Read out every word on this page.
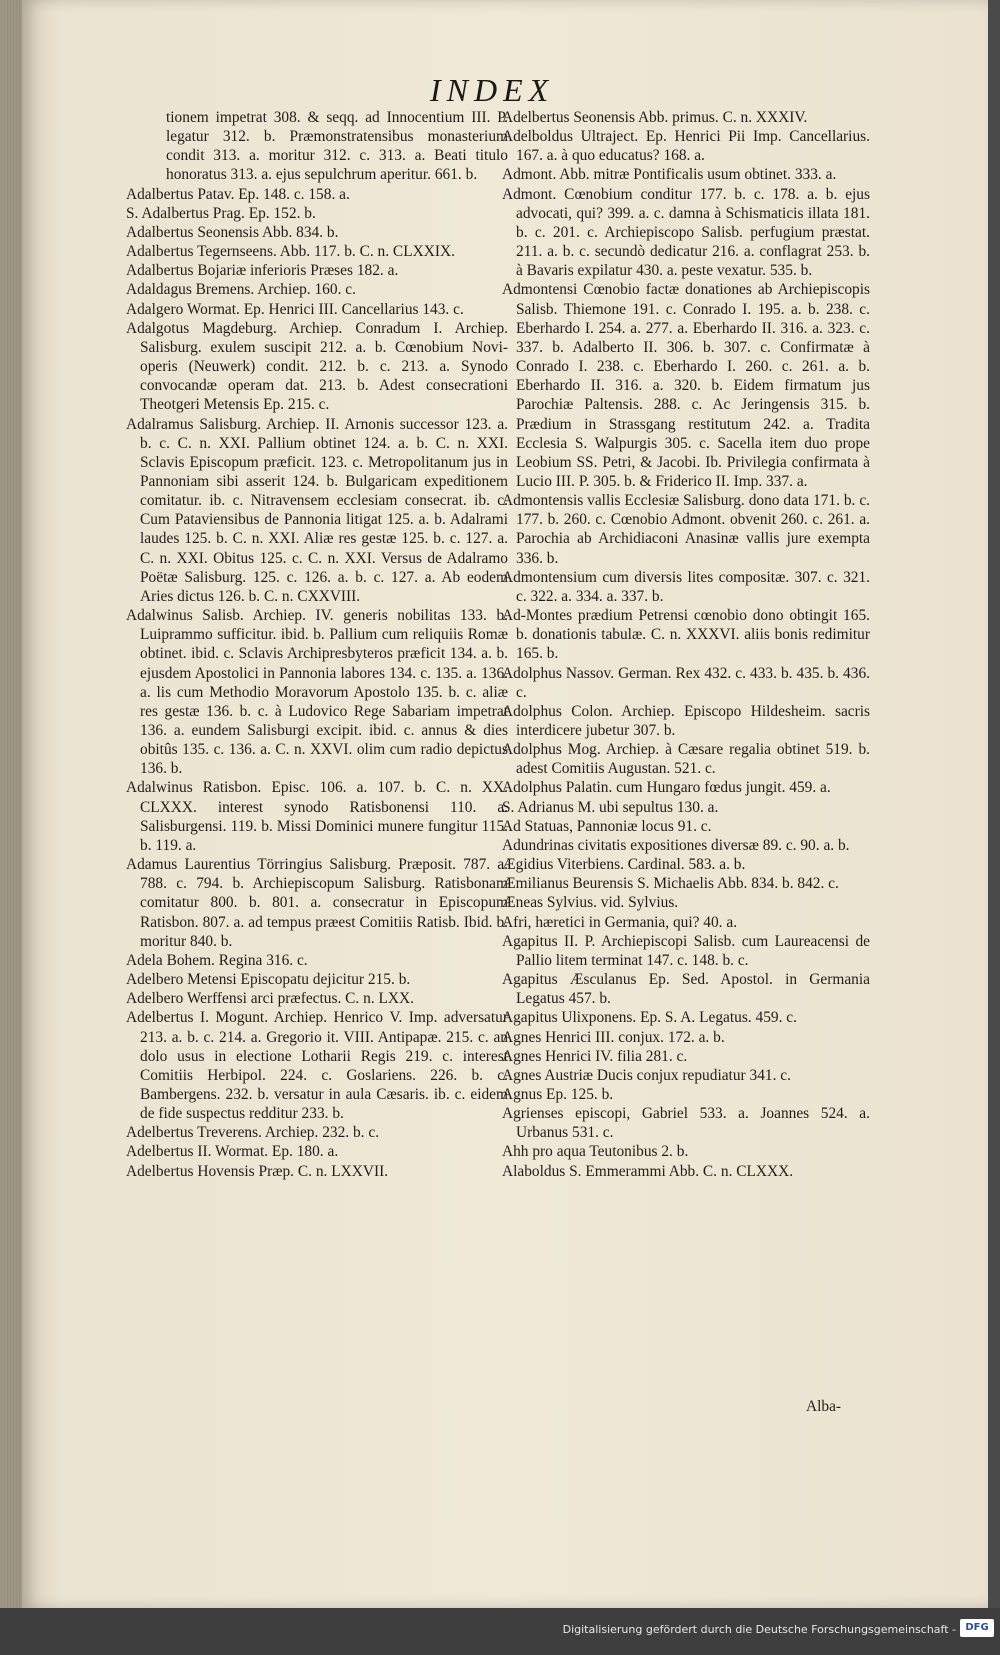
INDEX

tionem impetrat 308. & seqq. ad Innocentium III. P. legatur 312. b. Præmonstratensibus monasterium condit 313. a. moritur 312. c. 313. a. Beati titulo honoratus 313. a. ejus sepulchrum aperitur. 661. b.

Adalbertus Patav. Ep. 148. c. 158. a.

S. Adalbertus Prag. Ep. 152. b.

Adalbertus Seonensis Abb. 834. b.

Adalbertus Tegernseens. Abb. 117. b. C. n. CLXXIX.

Adalbertus Bojariæ inferioris Præses 182. a.

Adaldagus Bremens. Archiep. 160. c.

Adalgero Wormat. Ep. Henrici III. Cancellarius 143. c.

Adalgotus Magdeburg. Archiep. Conradum I. Archiep. Salisburg. exulem suscipit 212. a. b. Cœnobium Novi-operis (Neuwerk) condit. 212. b. c. 213. a. Synodo convocandæ operam dat. 213. b. Adest consecrationi Theotgeri Metensis Ep. 215. c.

Adalramus Salisburg. Archiep. II. Arnonis successor 123. a. b. c. C. n. XXI. Pallium obtinet 124. a. b. C. n. XXI. Sclavis Episcopum præficit. 123. c. Metropolitanum jus in Pannoniam sibi asserit 124. b. Bulgaricam expeditionem comitatur. ib. c. Nitravensem ecclesiam consecrat. ib. c. Cum Pataviensibus de Pannonia litigat 125. a. b. Adalrami laudes 125. b. C. n. XXI. Aliæ res gestæ 125. b. c. 127. a. C. n. XXI. Obitus 125. c. C. n. XXI. Versus de Adalramo Poëtæ Salisburg. 125. c. 126. a. b. c. 127. a. Ab eodem Aries dictus 126. b. C. n. CXXVIII.

Adalwinus Salisb. Archiep. IV. generis nobilitas 133. b. Luiprammo sufficitur. ibid. b. Pallium cum reliquiis Romæ obtinet. ibid. c. Sclavis Archipresbyteros præficit 134. a. b. ejusdem Apostolici in Pannonia labores 134. c. 135. a. 136. a. lis cum Methodio Moravorum Apostolo 135. b. c. aliæ res gestæ 136. b. c. à Ludovico Rege Sabariam impetrat 136. a. eundem Salisburgi excipit. ibid. c. annus & dies obitûs 135. c. 136. a. C. n. XXVI. olim cum radio depictus 136. b.

Adalwinus Ratisbon. Episc. 106. a. 107. b. C. n. XX. CLXXX. interest synodo Ratisbonensi 110. a. Salisburgensi. 119. b. Missi Dominici munere fungitur 115. b. 119. a.

Adamus Laurentius Törringius Salisburg. Præposit. 787. a. 788. c. 794. b. Archiepiscopum Salisburg. Ratisbonam comitatur 800. b. 801. a. consecratur in Episcopum Ratisbon. 807. a. ad tempus præest Comitiis Ratisb. Ibid. b. moritur 840. b.

Adela Bohem. Regina 316. c.

Adelbero Metensi Episcopatu dejicitur 215. b.

Adelbero Werffensi arci præfectus. C. n. LXX.

Adelbertus I. Mogunt. Archiep. Henrico V. Imp. adversatur 213. a. b. c. 214. a. Gregorio it. VIII. Antipapæ. 215. c. an dolo usus in electione Lotharii Regis 219. c. interest Comitiis Herbipol. 224. c. Goslariens. 226. b. c. Bambergens. 232. b. versatur in aula Cæsaris. ib. c. eidem de fide suspectus redditur 233. b.

Adelbertus Treverens. Archiep. 232. b. c.

Adelbertus II. Wormat. Ep. 180. a.

Adelbertus Hovensis Præp. C. n. LXXVII.

Adelbertus Seonensis Abb. primus. C. n. XXXIV.

Adelboldus Ultraject. Ep. Henrici Pii Imp. Cancellarius. 167. a. à quo educatus? 168. a.

Admont. Abb. mitræ Pontificalis usum obtinet. 333. a.

Admont. Cœnobium conditur 177. b. c. 178. a. b. ejus advocati, qui? 399. a. c. damna à Schismaticis illata 181. b. c. 201. c. Archiepiscopo Salisb. perfugium præstat. 211. a. b. c. secundò dedicatur 216. a. conflagrat 253. b. à Bavaris expilatur 430. a. peste vexatur. 535. b.

Admontensi Cœnobio factæ donationes ab Archiepiscopis Salisb. Thiemone 191. c. Conrado I. 195. a. b. 238. c. Eberhardo I. 254. a. 277. a. Eberhardo II. 316. a. 323. c. 337. b. Adalberto II. 306. b. 307. c. Confirmatæ à Conrado I. 238. c. Eberhardo I. 260. c. 261. a. b. Eberhardo II. 316. a. 320. b. Eidem firmatum jus Parochiæ Paltensis. 288. c. Ac Jeringensis 315. b. Prædium in Strassgang restitutum 242. a. Tradita Ecclesia S. Walpurgis 305. c. Sacella item duo prope Leobium SS. Petri, & Jacobi. Ib. Privilegia confirmata à Lucio III. P. 305. b. & Friderico II. Imp. 337. a.

Admontensis vallis Ecclesiæ Salisburg. dono data 171. b. c. 177. b. 260. c. Cœnobio Admont. obvenit 260. c. 261. a. Parochia ab Archidiaconi Anasinæ vallis jure exempta 336. b.

Admontensium cum diversis lites compositæ. 307. c. 321. c. 322. a. 334. a. 337. b.

Ad-Montes prædium Petrensi cœnobio dono obtingit 165. b. donationis tabulæ. C. n. XXXVI. aliis bonis redimitur 165. b.

Adolphus Nassov. German. Rex 432. c. 433. b. 435. b. 436. c.

Adolphus Colon. Archiep. Episcopo Hildesheim. sacris interdicere jubetur 307. b.

Adolphus Mog. Archiep. à Cæsare regalia obtinet 519. b. adest Comitiis Augustan. 521. c.

Adolphus Palatin. cum Hungaro fœdus jungit. 459. a.

S. Adrianus M. ubi sepultus 130. a.

Ad Statuas, Pannoniæ locus 91. c.

Adundrinas civitatis expositiones diversæ 89. c. 90. a. b.

Ægidius Viterbiens. Cardinal. 583. a. b.

Æmilianus Beurensis S. Michaelis Abb. 834. b. 842. c.

Æneas Sylvius. vid. Sylvius.

Afri, hæretici in Germania, qui? 40. a.

Agapitus II. P. Archiepiscopi Salisb. cum Laureacensi de Pallio litem terminat 147. c. 148. b. c.

Agapitus Æsculanus Ep. Sed. Apostol. in Germania Legatus 457. b.

Agapitus Ulixponens. Ep. S. A. Legatus. 459. c.

Agnes Henrici III. conjux. 172. a. b.

Agnes Henrici IV. filia 281. c.

Agnes Austriæ Ducis conjux repudiatur 341. c.

Agnus Ep. 125. b.

Agrienses episcopi, Gabriel 533. a. Joannes 524. a. Urbanus 531. c.

Ahh pro aqua Teutonibus 2. b.

Alaboldus S. Emmerammi Abb. C. n. CLXXX.

Alba-
Digitalisierung gefördert durch die Deutsche Forschungsgemeinschaft - DFG
